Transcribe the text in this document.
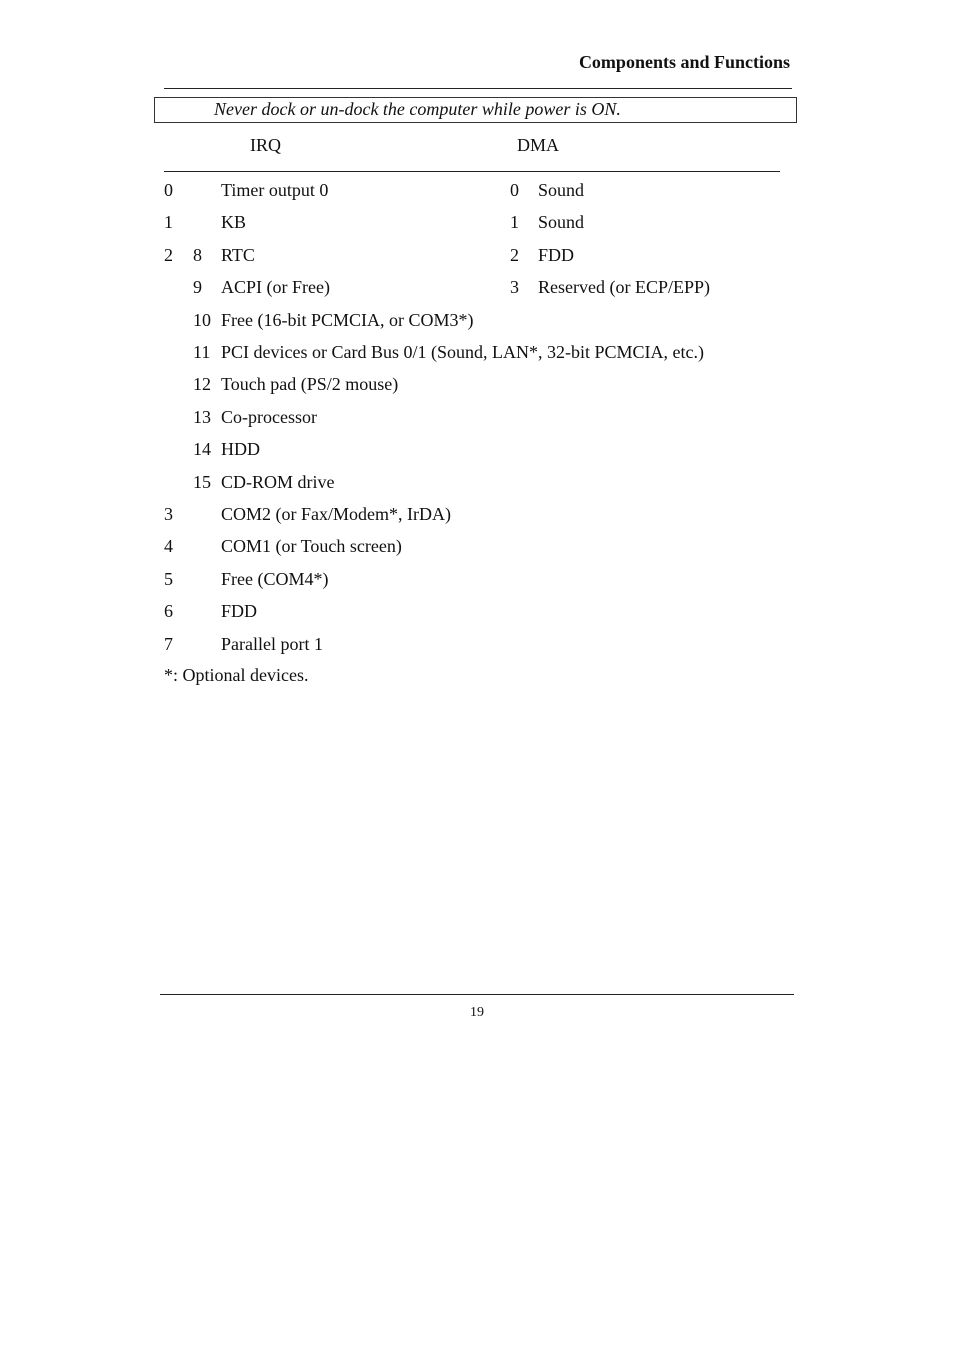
Components and Functions
Never dock or un-dock the computer while power is ON.
IRQ	DMA
0	Timer output 0	0 Sound
1	KB	1 Sound
2 8 RTC	2 FDD
9 ACPI (or Free)	3 Reserved (or ECP/EPP)
10 Free (16-bit PCMCIA, or COM3*)
11 PCI devices or Card Bus 0/1 (Sound, LAN*, 32-bit PCMCIA, etc.)
12 Touch pad (PS/2 mouse)
13 Co-processor
14 HDD
15 CD-ROM drive
3	COM2 (or Fax/Modem*, IrDA)
4	COM1 (or Touch screen)
5	Free (COM4*)
6	FDD
7	Parallel port 1
*: Optional devices.
19
